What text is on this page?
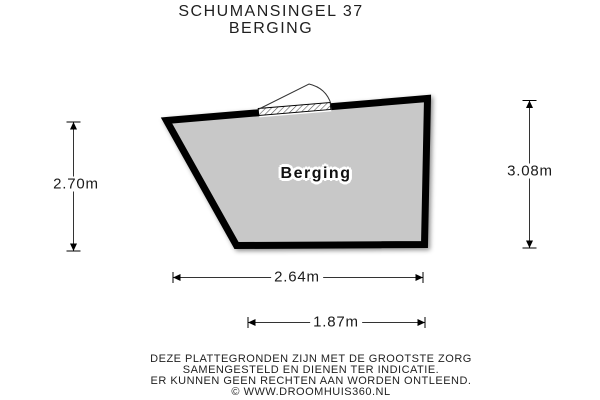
SCHUMANSINGEL 37
BERGING
Berging
2.70m
3.08m
2.64m
1.87m
DEZE PLATTEGRONDEN ZIJN MET DE GROOTSTE ZORG
SAMENGESTELD EN DIENEN TER INDICATIE.
ER KUNNEN GEEN RECHTEN AAN WORDEN ONTLEEND.
© WWW.DROOMHUIS360.NL
